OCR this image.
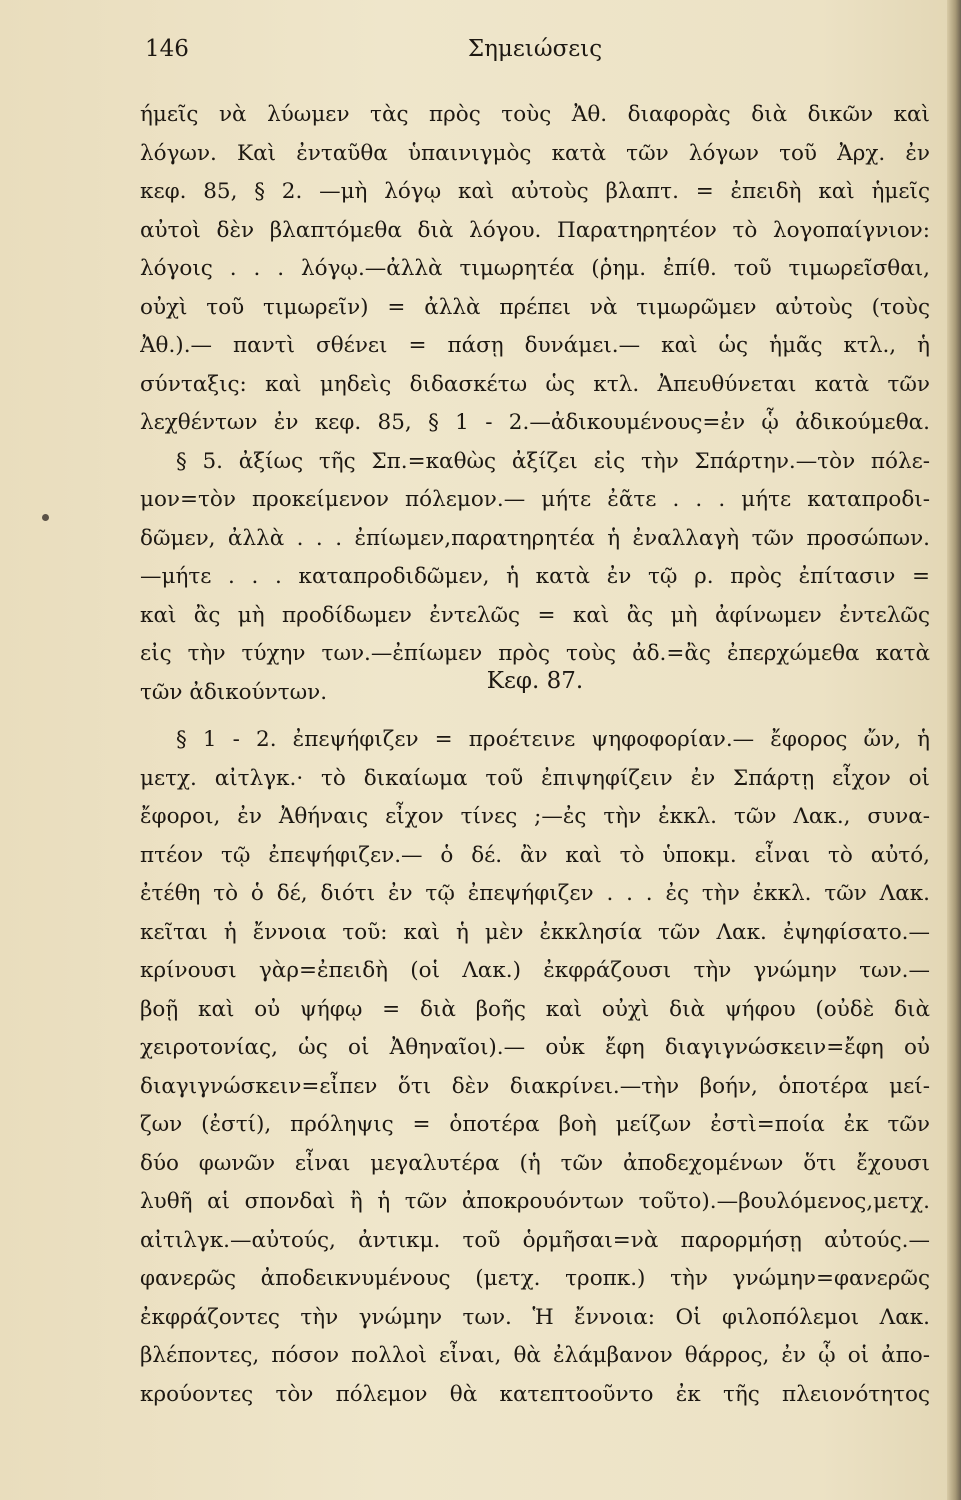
146	Σημειώσεις
ήμεῖς νὰ λύωμεν τὰς πρὸς τοὺς Ἀθ. διαφορὰς διὰ δικῶν καὶ
λόγων. Καὶ ἐνταῦθα ὑπαινιγμὸς κατὰ τῶν λόγων τοῦ Ἀρχ. ἐν
κεφ. 85, § 2. —μὴ λόγῳ καὶ αὐτοὺς βλαπτ. = ἐπειδὴ καὶ ἡμεῖς
αὐτοὶ δὲν βλαπτόμεθα διὰ λόγου. Παρατηρητέον τὸ λογοπαίγνιον:
λόγοις . . . λόγῳ.—ἀλλὰ τιμωρητέα (ῥημ. ἐπίθ. τοῦ τιμωρεῖσθαι,
οὐχὶ τοῦ τιμωρεῖν) = ἀλλὰ πρέπει νὰ τιμωρῶμεν αὐτοὺς (τοὺς
Ἀθ.).— παντὶ σθένει = πάσῃ δυνάμει.— καὶ ὡς ἡμᾶς κτλ., ἡ
σύνταξις: καὶ μηδεὶς διδασκέτω ὡς κτλ. Ἀπευθύνεται κατὰ τῶν
λεχθέντων ἐν κεφ. 85, § 1 - 2.—ἀδικουμένους=ἐν ᾧ ἀδικούμεθα.
§ 5. ἀξίως τῆς Σπ.=καθὼς ἀξίζει εἰς τὴν Σπάρτην.—τὸν πόλε-
μον=τὸν προκείμενον πόλεμον.— μήτε ἐᾶτε . . . μήτε καταπροδι-
δῶμεν, ἀλλὰ . . . ἐπίωμεν,παρατηρητέα ἡ ἐναλλαγὴ τῶν προσώπων.
—μήτε . . . καταπροδιδῶμεν, ἡ κατὰ ἐν τῷ ρ. πρὸς ἐπίτασιν =
καὶ ἂς μὴ προδίδωμεν ἐντελῶς = καὶ ἂς μὴ ἀφίνωμεν ἐντελῶς
εἰς τὴν τύχην των.—ἐπίωμεν πρὸς τοὺς ἀδ.=ἂς ἐπερχώμεθα κατὰ
τῶν ἀδικούντων.	Κεφ. 87.
§ 1 - 2. ἐπεψήφιζεν = προέτεινε ψηφοφορίαν.— ἔφορος ὤν, ἡ
μετχ. αἰτλγκ.· τὸ δικαίωμα τοῦ ἐπιψηφίζειν ἐν Σπάρτῃ εἶχον οἱ
ἔφοροι, ἐν Ἀθήναις εἶχον τίνες ;—ἐς τὴν ἐκκλ. τῶν Λακ., συνα-
πτέον τῷ ἐπεψήφιζεν.— ὁ δέ. ἂν καὶ τὸ ὑποκμ. εἶναι τὸ αὐτό,
ἐτέθη τὸ ὁ δέ, διότι ἐν τῷ ἐπεψήφιζεν . . . ἐς τὴν ἐκκλ. τῶν Λακ.
κεῖται ἡ ἔννοια τοῦ: καὶ ἡ μὲν ἐκκλησία τῶν Λακ. ἐψηφίσατο.—
κρίνουσι γὰρ=ἐπειδὴ (οἱ Λακ.) ἐκφράζουσι τὴν γνώμην των.—
βοῇ καὶ οὐ ψήφῳ = διὰ βοῆς καὶ οὐχὶ διὰ ψήφου (οὐδὲ διὰ
χειροτονίας, ὡς οἱ Ἀθηναῖοι).— οὐκ ἔφη διαγιγνώσκειν=ἔφη οὐ
διαγιγνώσκειν=εἶπεν ὅτι δὲν διακρίνει.—τὴν βοήν, ὁποτέρα μεί-
ζων (ἐστί), πρόληψις = ὁποτέρα βοὴ μείζων ἐστὶ=ποία ἐκ τῶν
δύο φωνῶν εἶναι μεγαλυτέρα (ἡ τῶν ἀποδεχομένων ὅτι ἔχουσι
λυθῆ αἱ σπονδαὶ ἢ ἡ τῶν ἀποκρουόντων τοῦτο).—βουλόμενος,μετχ.
αἰτιλγκ.—αὐτούς, ἀντικμ. τοῦ ὁρμῆσαι=νὰ παρορμήσῃ αὐτούς.—
φανερῶς ἀποδεικνυμένους (μετχ. τροπκ.) τὴν γνώμην=φανερῶς
ἐκφράζοντες τὴν γνώμην των. Ἡ ἔννοια: Οἱ φιλοπόλεμοι Λακ.
βλέποντες, πόσον πολλοὶ εἶναι, θὰ ἐλάμβανον θάρρος, ἐν ᾧ οἱ ἀπο-
κρούοντες τὸν πόλεμον θὰ κατεπτοοῦντο ἐκ τῆς πλειονότητος
